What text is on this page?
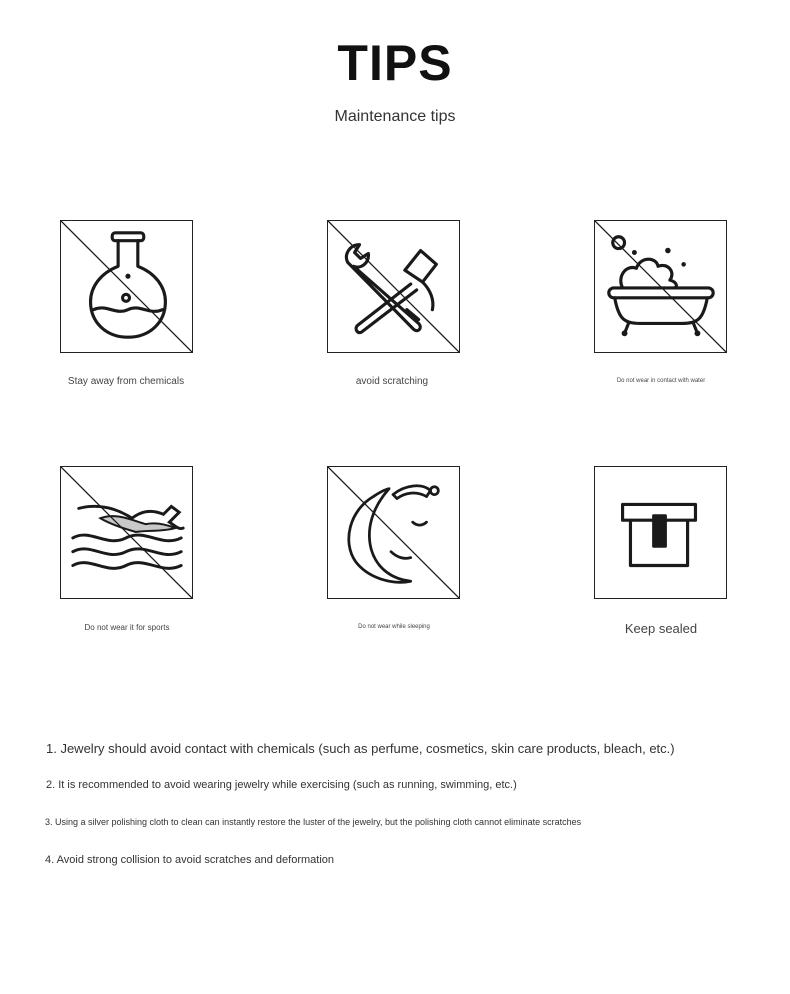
TIPS
Maintenance tips
Stay away from chemicals	avoid scratching	Do not wear in contact with water
Do not wear it for sports	Do not wear while sleeping	Keep sealed
1. Jewelry should avoid contact with chemicals (such as perfume, cosmetics, skin care products, bleach, etc.)
2. It is recommended to avoid wearing jewelry while exercising (such as running, swimming, etc.)
3. Using a silver polishing cloth to clean can instantly restore the luster of the jewelry, but the polishing cloth cannot eliminate scratches
4. Avoid strong collision to avoid scratches and deformation
